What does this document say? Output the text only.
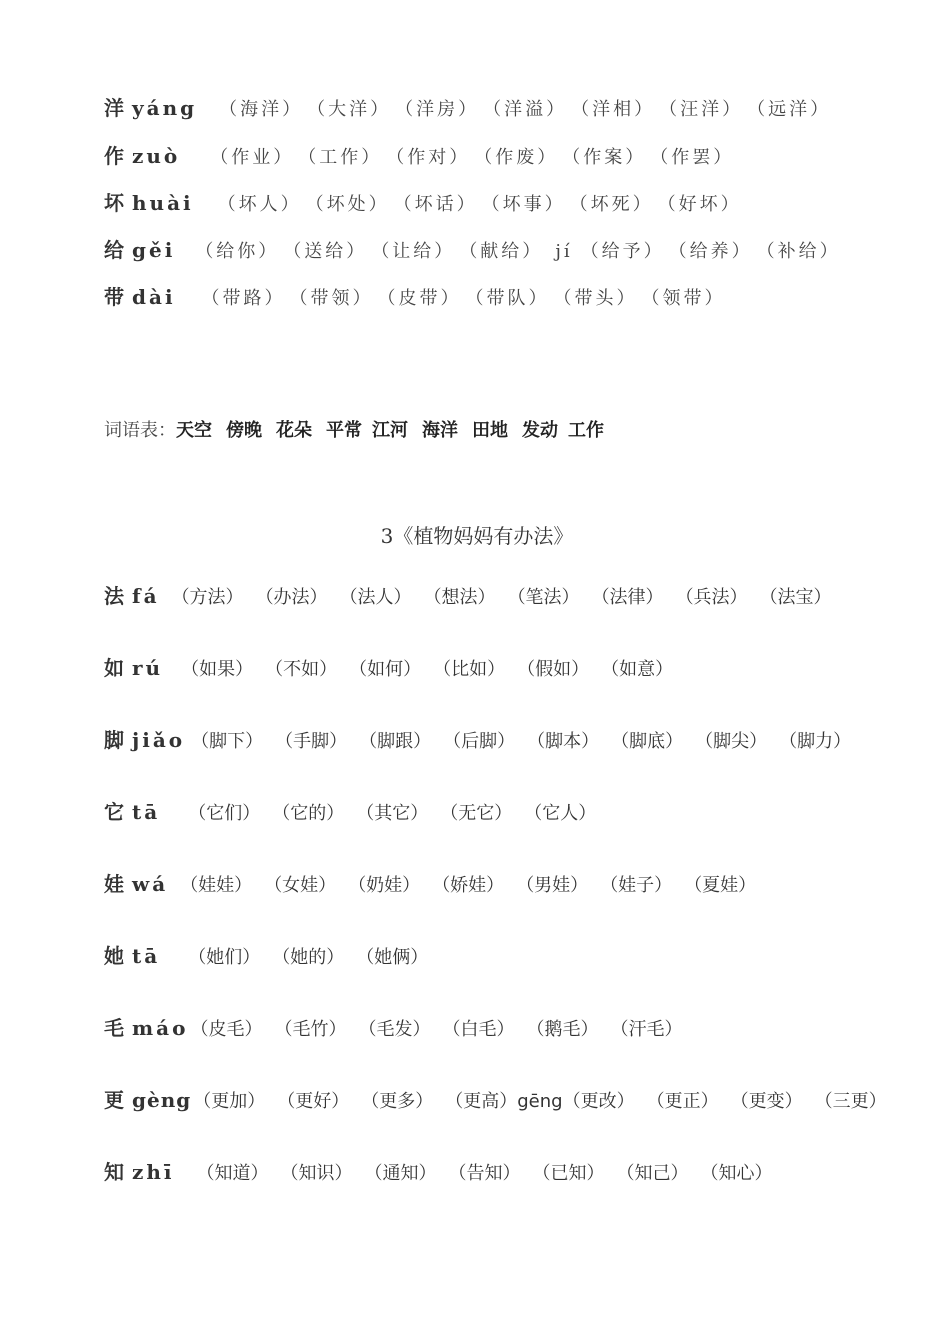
洋 yáng （海洋） （大洋） （洋房） （洋溢） （洋相） （汪洋） （远洋）
作 zuò （作业） （工作） （作对） （作废） （作案） （作罢）
坏 huài （坏人） （坏处） （坏话） （坏事） （坏死） （好坏）
给 gěi （给你） （送给） （让给） （献给） jí （给予） （给养） （补给）
带 dài （带路） （带领） （皮带） （带队） （带头） （领带）
词语表：天空 傍晚 花朵 平常 江河 海洋 田地 发动 工作
3《植物妈妈有办法》
法 fá （方法） （办法） （法人） （想法） （笔法） （法律） （兵法） （法宝）
如 rú （如果） （不如） （如何） （比如） （假如） （如意）
脚 jiǎo （脚下） （手脚） （脚跟） （后脚） （脚本） （脚底） （脚尖） （脚力）
它 tā （它们） （它的） （其它） （无它） （它人）
娃 wá （娃娃） （女娃） （奶娃） （娇娃） （男娃） （娃子） （夏娃）
她 tā （她们） （她的） （她俩）
毛 máo （皮毛） （毛竹） （毛发） （白毛） （鹅毛） （汗毛）
更 gèng （更加） （更好） （更多） （更高）gēng（更改） （更正） （更变） （三更）
知 zhī （知道） （知识） （通知） （告知） （已知） （知己） （知心）
